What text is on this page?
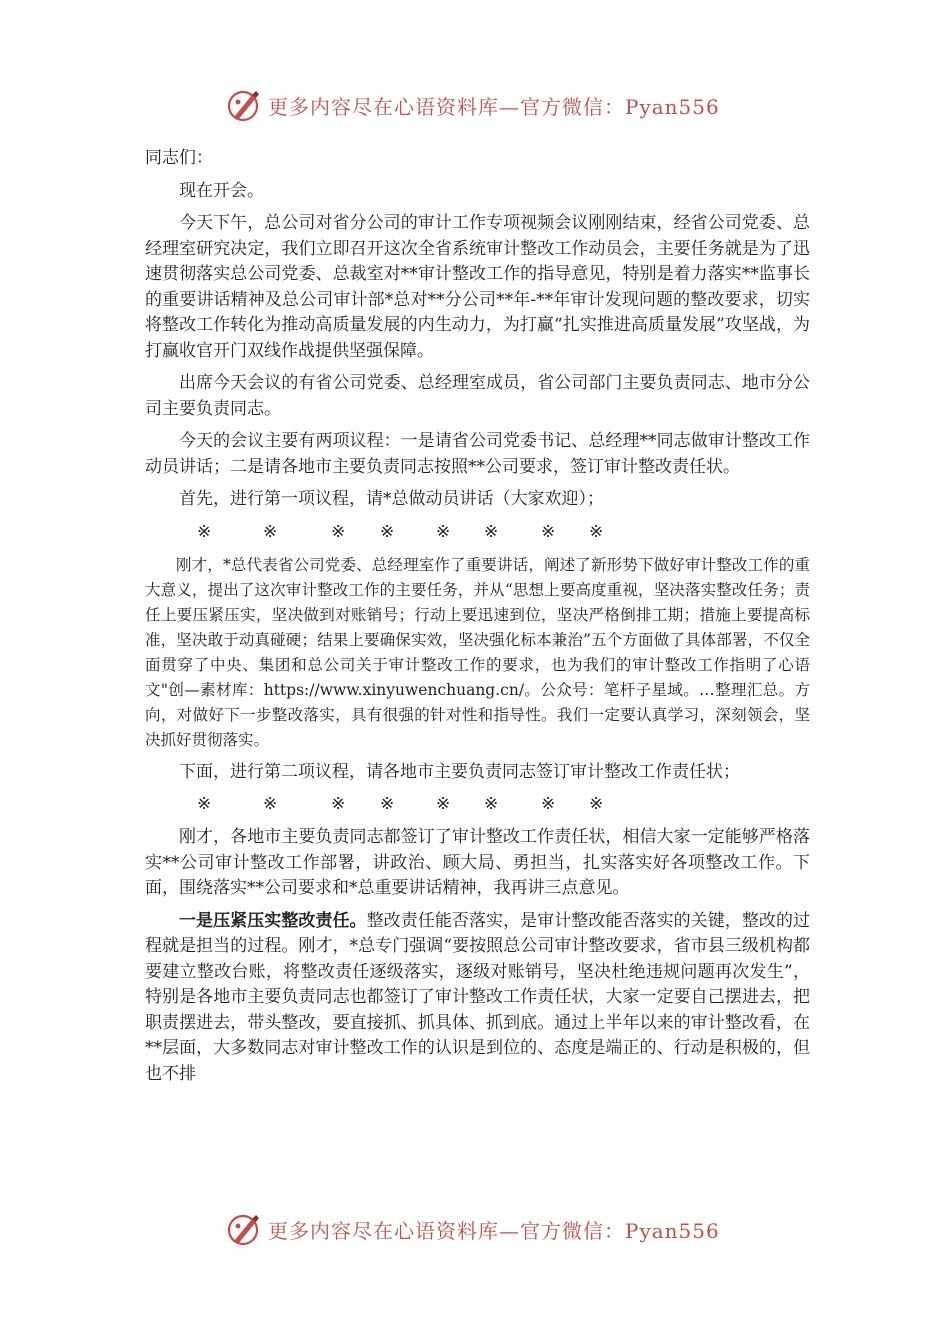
更多内容尽在心语资料库—官方微信：Pyan556

同志们：

现在开会。

今天下午，总公司对省分公司的审计工作专项视频会议刚刚结束，经省公司党委、总经理室研究决定，我们立即召开这次全省系统审计整改工作动员会，主要任务就是为了迅速贯彻落实总公司党委、总裁室对**审计整改工作的指导意见，特别是着力落实**监事长的重要讲话精神及总公司审计部*总对**分公司**年-**年审计发现问题的整改要求，切实将整改工作转化为推动高质量发展的内生动力，为打赢“扎实推进高质量发展”攻坚战，为打赢收官开门双线作战提供坚强保障。

出席今天会议的有省公司党委、总经理室成员，省公司部门主要负责同志、地市分公司主要负责同志。

今天的会议主要有两项议程：一是请省公司党委书记、总经理**同志做审计整改工作动员讲话；二是请各地市主要负责同志按照**公司要求，签订审计整改责任状。

首先，进行第一项议程，请*总做动员讲话（大家欢迎）；

※	※	※ ※ ※ ※	※ ※

刚才，*总代表省公司党委、总经理室作了重要讲话，阐述了新形势下做好审计整改工作的重大意义，提出了这次审计整改工作的主要任务，并从“思想上要高度重视，坚决落实整改任务；责任上要压紧压实，坚决做到对账销号；行动上要迅速到位，坚决严格倒排工期；措施上要提高标准，坚决敢于动真碰硬；结果上要确保实效，坚决强化标本兼治”五个方面做了具体部署，不仅全面贯穿了中央、集团和总公司关于审计整改工作的要求，也为我们的审计整改工作指明了心语文"创—素材库：https://www.xinyuwenchuang.cn/。公众号：笔杆子星域。…整理汇总。方向，对做好下一步整改落实，具有很强的针对性和指导性。我们一定要认真学习，深刻领会，坚决抓好贯彻落实。

下面，进行第二项议程，请各地市主要负责同志签订审计整改工作责任状；

※	※	※ ※ ※ ※	※ ※

刚才，各地市主要负责同志都签订了审计整改工作责任状，相信大家一定能够严格落实**公司审计整改工作部署，讲政治、顾大局、勇担当，扎实落实好各项整改工作。下面，围绕落实**公司要求和*总重要讲话精神，我再讲三点意见。

一是压紧压实整改责任。整改责任能否落实，是审计整改能否落实的关键，整改的过程就是担当的过程。刚才，*总专门强调“要按照总公司审计整改要求，省市县三级机构都要建立整改台账，将整改责任逐级落实，逐级对账销号，坚决杜绝违规问题再次发生”，特别是各地市主要负责同志也都签订了审计整改工作责任状，大家一定要自己摆进去，把职责摆进去，带头整改，要直接抓、抓具体、抓到底。通过上半年以来的审计整改看，在**层面，大多数同志对审计整改工作的认识是到位的、态度是端正的、行动是积极的，但也不排

更多内容尽在心语资料库—官方微信：Pyan556
